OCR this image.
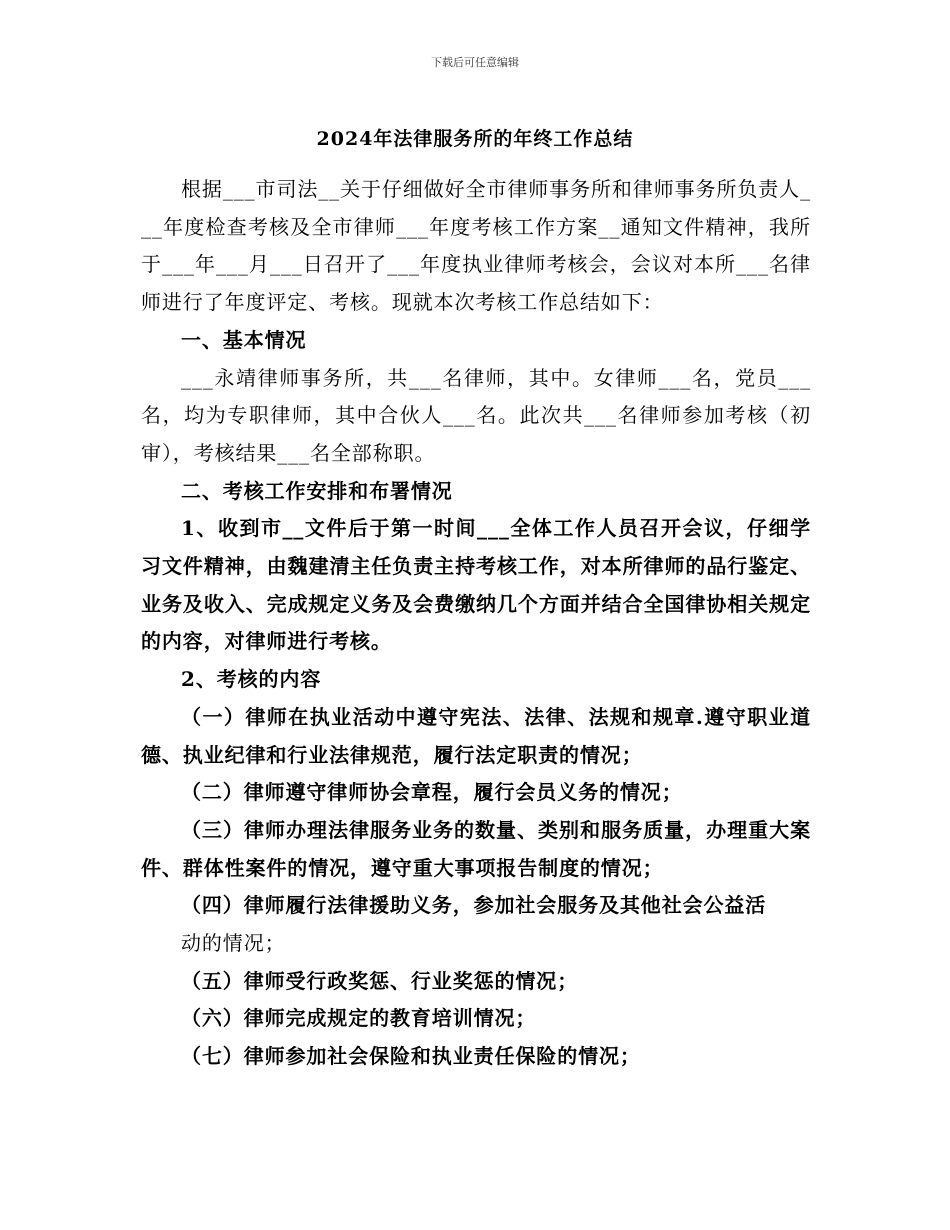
下载后可任意编辑
2024年法律服务所的年终工作总结

根据___市司法__关于仔细做好全市律师事务所和律师事务所负责人___年度检查考核及全市律师___年度考核工作方案__通知文件精神，我所于___年___月___日召开了___年度执业律师考核会，会议对本所___名律师进行了年度评定、考核。现就本次考核工作总结如下：

一、基本情况

___永靖律师事务所，共___名律师，其中。女律师___名，党员___名，均为专职律师，其中合伙人___名。此次共___名律师参加考核（初审），考核结果___名全部称职。

二、考核工作安排和布署情况

1、收到市__文件后于第一时间___全体工作人员召开会议，仔细学习文件精神，由魏建清主任负责主持考核工作，对本所律师的品行鉴定、业务及收入、完成规定义务及会费缴纳几个方面并结合全国律协相关规定的内容，对律师进行考核。

2、考核的内容

（一）律师在执业活动中遵守宪法、法律、法规和规章.遵守职业道德、执业纪律和行业法律规范，履行法定职责的情况；

（二）律师遵守律师协会章程，履行会员义务的情况；

（三）律师办理法律服务业务的数量、类别和服务质量，办理重大案件、群体性案件的情况，遵守重大事项报告制度的情况；

（四）律师履行法律援助义务，参加社会服务及其他社会公益活

动的情况；

（五）律师受行政奖惩、行业奖惩的情况；

（六）律师完成规定的教育培训情况；

（七）律师参加社会保险和执业责任保险的情况；
